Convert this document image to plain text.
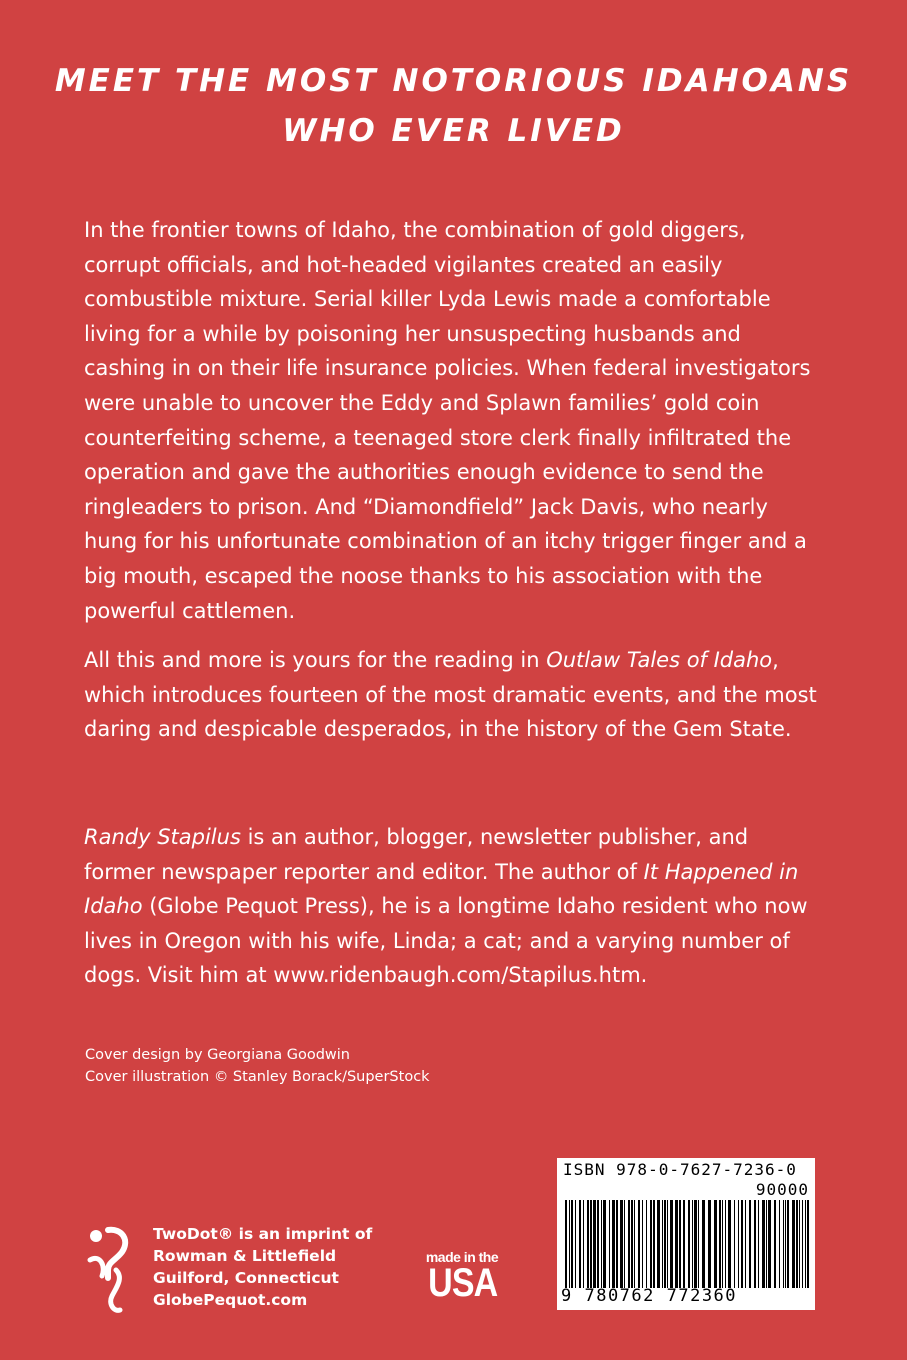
MEET THE MOST NOTORIOUS IDAHOANS
WHO EVER LIVED
In the frontier towns of Idaho, the combination of gold diggers, corrupt officials, and hot-headed vigilantes created an easily combustible mixture. Serial killer Lyda Lewis made a comfortable living for a while by poisoning her unsuspecting husbands and cashing in on their life insurance policies. When federal investigators were unable to uncover the Eddy and Splawn families’ gold coin counterfeiting scheme, a teenaged store clerk finally infiltrated the operation and gave the authorities enough evidence to send the ringleaders to prison. And “Diamondfield” Jack Davis, who nearly hung for his unfortunate combination of an itchy trigger finger and a big mouth, escaped the noose thanks to his association with the powerful cattlemen.
All this and more is yours for the reading in Outlaw Tales of Idaho, which introduces fourteen of the most dramatic events, and the most daring and despicable desperados, in the history of the Gem State.
Randy Stapilus is an author, blogger, newsletter publisher, and former newspaper reporter and editor. The author of It Happened in Idaho (Globe Pequot Press), he is a longtime Idaho resident who now lives in Oregon with his wife, Linda; a cat; and a varying number of dogs. Visit him at www.ridenbaugh.com/Stapilus.htm.
Cover design by Georgiana Goodwin
Cover illustration © Stanley Borack/SuperStock
TwoDot® is an imprint of
Rowman & Littlefield
Guilford, Connecticut
GlobePequot.com
made in the
USA
ISBN 978-0-7627-7236-0
90000
9 780762 772360
